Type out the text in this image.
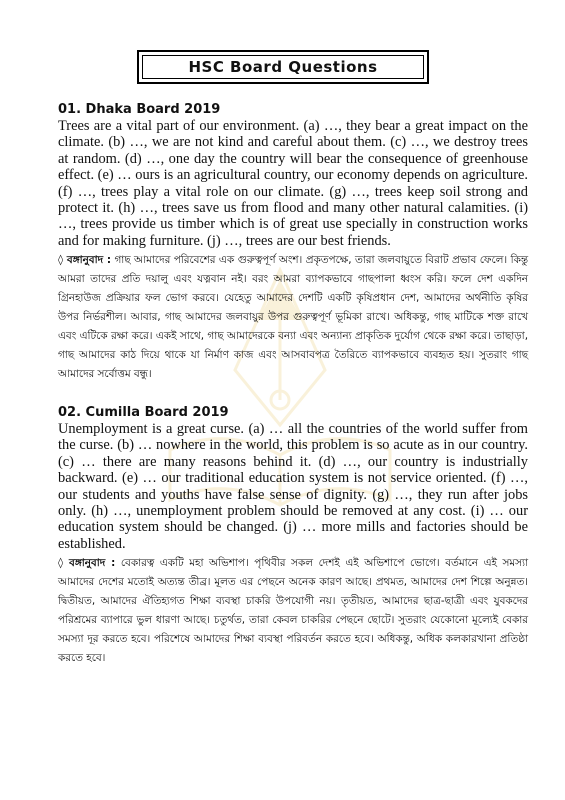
HSC Board Questions
01. Dhaka Board 2019

Trees are a vital part of our environment. (a) …, they bear a great impact on the climate. (b) …, we are not kind and careful about them. (c) …, we destroy trees at random. (d) …, one day the country will bear the consequence of greenhouse effect. (e) … ours is an agricultural country, our economy depends on agriculture. (f) …, trees play a vital role on our climate. (g) …, trees keep soil strong and protect it. (h) …, trees save us from flood and many other natural calamities. (i) …, trees provide us timber which is of great use specially in construction works and for making furniture. (j) …, trees are our best friends.

◊ বঙ্গানুবাদ : গাছ আমাদের পরিবেশের এক গুরুত্বপূর্ণ অংশ। প্রকৃতপক্ষে, তারা জলবায়ুতে বিরাট প্রভাব ফেলে। কিন্তু আমরা তাদের প্রতি দয়ালু এবং যত্নবান নই। বরং আমরা ব্যাপকভাবে গাছপালা ধ্বংস করি। ফলে দেশ একদিন গ্রিনহাউজ প্রক্রিয়ার ফল ভোগ করবে। যেহেতু আমাদের দেশটি একটি কৃষিপ্রধান দেশ, আমাদের অর্থনীতি কৃষির উপর নির্ভরশীল। আবার, গাছ আমাদের জলবায়ুর উপর গুরুত্বপূর্ণ ভূমিকা রাখে। অধিকন্তু, গাছ মাটিকে শক্ত রাখে এবং এটিকে রক্ষা করে। একই সাথে, গাছ আমাদেরকে বন্যা এবং অন্যান্য প্রাকৃতিক দুর্যোগ থেকে রক্ষা করে। তাছাড়া, গাছ আমাদের কাঠ দিয়ে থাকে যা নির্মাণ কাজ এবং আসবাবপত্র তৈরিতে ব্যাপকভাবে ব্যবহৃত হয়। সুতরাং গাছ আমাদের সর্বোত্তম বন্ধু।

02. Cumilla Board 2019

Unemployment is a great curse. (a) … all the countries of the world suffer from the curse. (b) … nowhere in the world, this problem is so acute as in our country. (c) … there are many reasons behind it. (d) …, our country is industrially backward. (e) … our traditional education system is not service oriented. (f) …, our students and youths have false sense of dignity. (g) …, they run after jobs only. (h) …, unemployment problem should be removed at any cost. (i) … our education system should be changed. (j) … more mills and factories should be established.

◊ বঙ্গানুবাদ : বেকারত্ব একটি মহা অভিশাপ। পৃথিবীর সকল দেশই এই অভিশাপে ভোগে। বর্তমানে এই সমস্যা আমাদের দেশের মতোই অত্যন্ত তীব্র। মূলত এর পেছনে অনেক কারণ আছে। প্রথমত, আমাদের দেশ শিল্পে অনুন্নত। দ্বিতীয়ত, আমাদের ঐতিহ্যগত শিক্ষা ব্যবস্থা চাকরি উপযোগী নয়। তৃতীয়ত, আমাদের ছাত্র-ছাত্রী এবং যুবকদের পরিশ্রমের ব্যাপারে ভুল ধারণা আছে। চতুর্থত, তারা কেবল চাকরির পেছনে ছোটে। সুতরাং যেকোনো মূল্যেই বেকার সমস্যা দূর করতে হবে। পরিশেষে আমাদের শিক্ষা ব্যবস্থা পরিবর্তন করতে হবে। অধিকন্তু, অধিক কলকারখানা প্রতিষ্ঠা করতে হবে।
